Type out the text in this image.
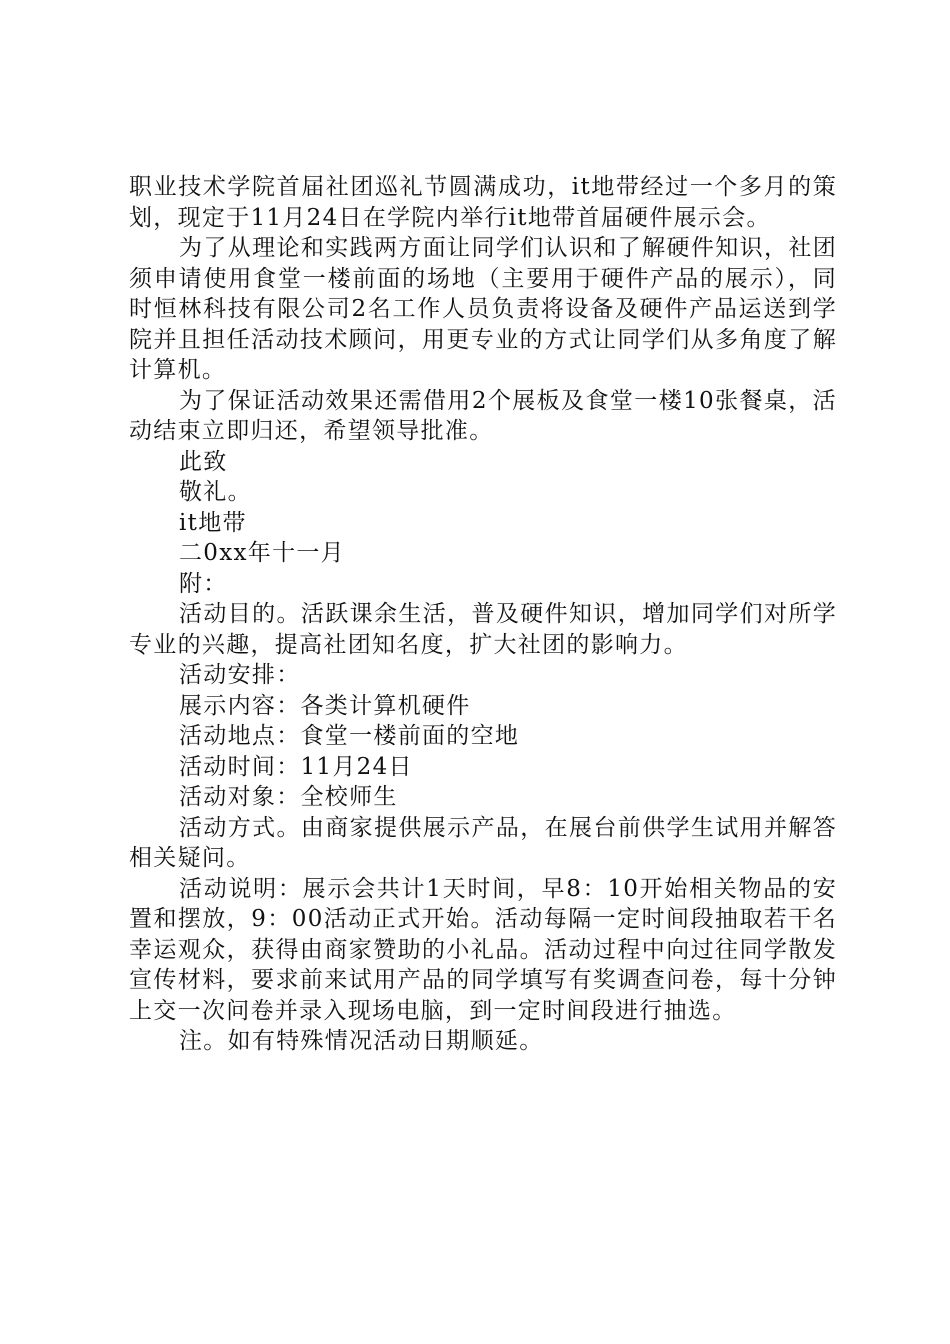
职业技术学院首届社团巡礼节圆满成功，it地带经过一个多月的策划，现定于11月24日在学院内举行it地带首届硬件展示会。

为了从理论和实践两方面让同学们认识和了解硬件知识，社团须申请使用食堂一楼前面的场地（主要用于硬件产品的展示），同时恒林科技有限公司2名工作人员负责将设备及硬件产品运送到学院并且担任活动技术顾问，用更专业的方式让同学们从多角度了解计算机。

为了保证活动效果还需借用2个展板及食堂一楼10张餐桌，活动结束立即归还，希望领导批准。

此致

敬礼。

it地带

二0xx年十一月

附：

活动目的。活跃课余生活，普及硬件知识，增加同学们对所学专业的兴趣，提高社团知名度，扩大社团的影响力。

活动安排：

展示内容：各类计算机硬件

活动地点：食堂一楼前面的空地

活动时间：11月24日

活动对象：全校师生

活动方式。由商家提供展示产品，在展台前供学生试用并解答相关疑问。

活动说明：展示会共计1天时间，早8：10开始相关物品的安置和摆放，9：00活动正式开始。活动每隔一定时间段抽取若干名幸运观众，获得由商家赞助的小礼品。活动过程中向过往同学散发宣传材料，要求前来试用产品的同学填写有奖调查问卷，每十分钟上交一次问卷并录入现场电脑，到一定时间段进行抽选。

注。如有特殊情况活动日期顺延。
